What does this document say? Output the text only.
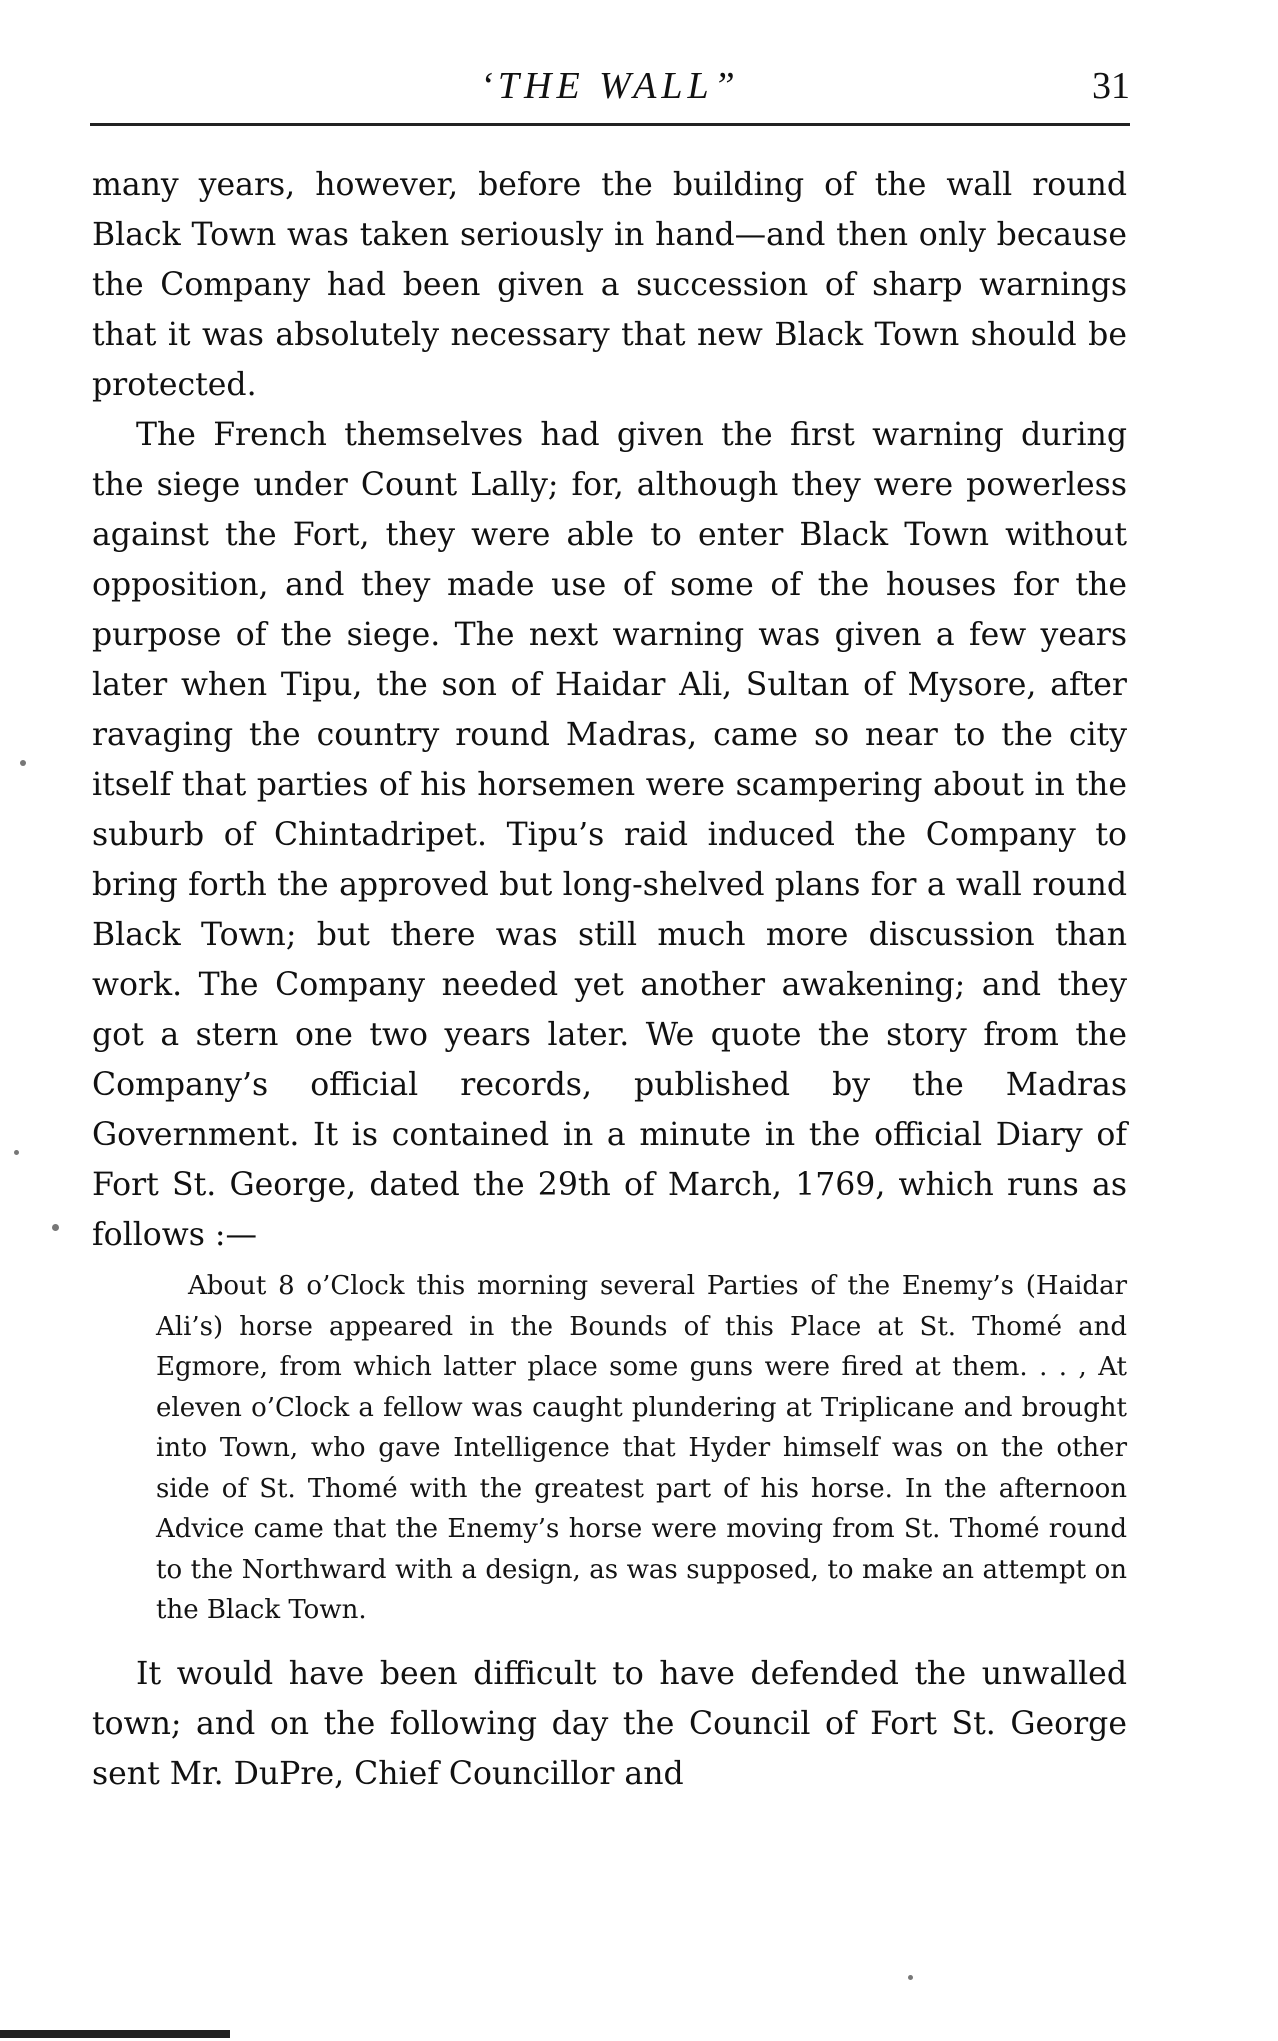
‘THE WALL”	31

many years, however, before the building of the wall round Black Town was taken seriously in hand—and then only because the Company had been given a succession of sharp warnings that it was absolutely necessary that new Black Town should be protected.

The French themselves had given the first warning during the siege under Count Lally; for, although they were powerless against the Fort, they were able to enter Black Town without opposition, and they made use of some of the houses for the purpose of the siege. The next warning was given a few years later when Tipu, the son of Haidar Ali, Sultan of Mysore, after ravaging the country round Madras, came so near to the city itself that parties of his horsemen were scampering about in the suburb of Chintadripet. Tipu’s raid induced the Company to bring forth the approved but long-shelved plans for a wall round Black Town; but there was still much more discussion than work. The Company needed yet another awakening; and they got a stern one two years later. We quote the story from the Company’s official records, published by the Madras Government. It is contained in a minute in the official Diary of Fort St. George, dated the 29th of March, 1769, which runs as follows :—

About 8 o’Clock this morning several Parties of the Enemy’s (Haidar Ali’s) horse appeared in the Bounds of this Place at St. Thomé and Egmore, from which latter place some guns were fired at them. . . , At eleven o’Clock a fellow was caught plundering at Triplicane and brought into Town, who gave Intelligence that Hyder himself was on the other side of St. Thomé with the greatest part of his horse. In the afternoon Advice came that the Enemy’s horse were moving from St. Thomé round to the Northward with a design, as was supposed, to make an attempt on the Black Town.

It would have been difficult to have defended the unwalled town; and on the following day the Council of Fort St. George sent Mr. DuPre, Chief Councillor and
